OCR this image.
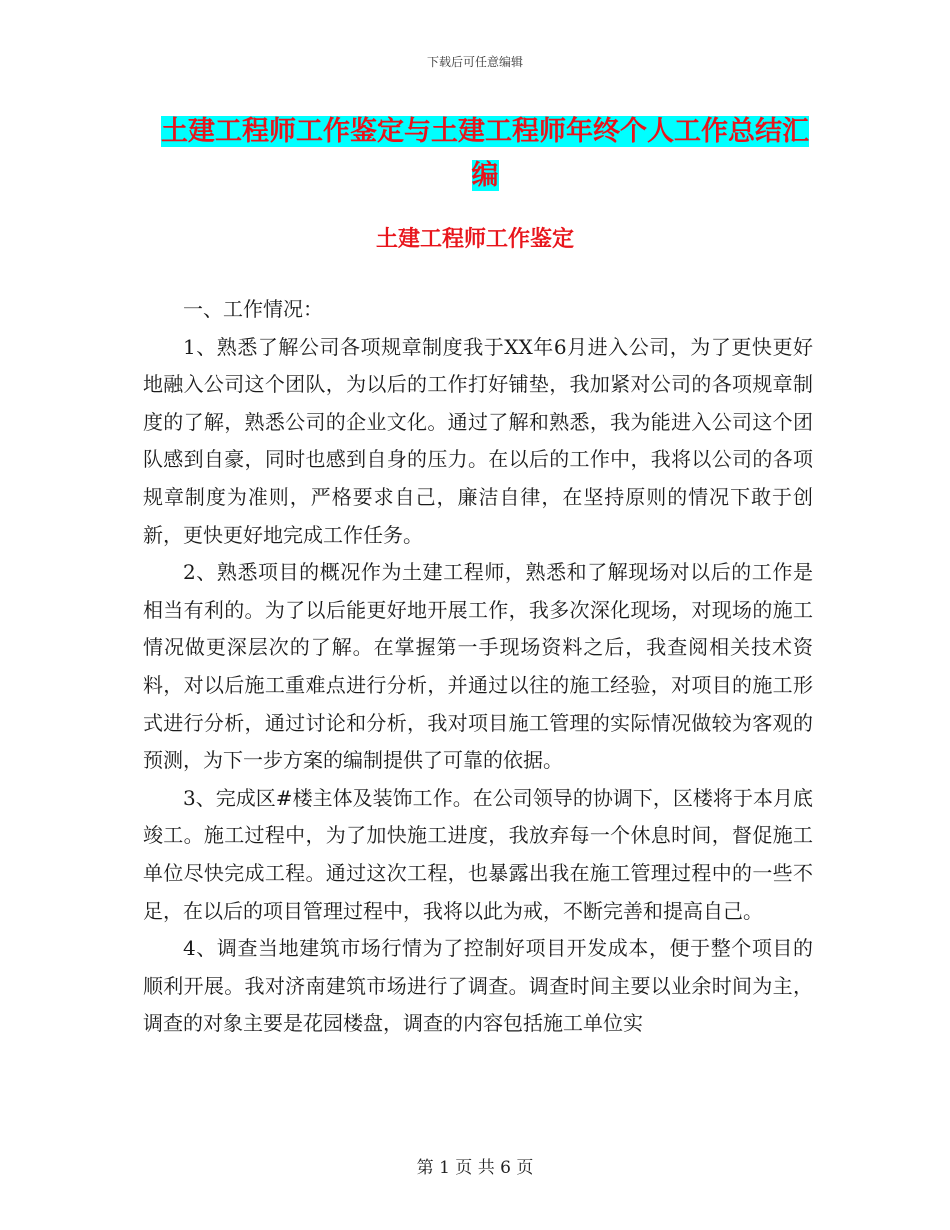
下载后可任意编辑
土建工程师工作鉴定与土建工程师年终个人工作总结汇编
土建工程师工作鉴定

一、工作情况：

1、熟悉了解公司各项规章制度我于XX年6月进入公司，为了更快更好地融入公司这个团队，为以后的工作打好铺垫，我加紧对公司的各项规章制度的了解，熟悉公司的企业文化。通过了解和熟悉，我为能进入公司这个团队感到自豪，同时也感到自身的压力。在以后的工作中，我将以公司的各项规章制度为准则，严格要求自己，廉洁自律，在坚持原则的情况下敢于创新，更快更好地完成工作任务。

2、熟悉项目的概况作为土建工程师，熟悉和了解现场对以后的工作是相当有利的。为了以后能更好地开展工作，我多次深化现场，对现场的施工情况做更深层次的了解。在掌握第一手现场资料之后，我查阅相关技术资料，对以后施工重难点进行分析，并通过以往的施工经验，对项目的施工形式进行分析，通过讨论和分析，我对项目施工管理的实际情况做较为客观的预测，为下一步方案的编制提供了可靠的依据。

3、完成区#楼主体及装饰工作。在公司领导的协调下，区楼将于本月底竣工。施工过程中，为了加快施工进度，我放弃每一个休息时间，督促施工单位尽快完成工程。通过这次工程，也暴露出我在施工管理过程中的一些不足，在以后的项目管理过程中，我将以此为戒，不断完善和提高自己。

4、调查当地建筑市场行情为了控制好项目开发成本，便于整个项目的顺利开展。我对济南建筑市场进行了调查。调查时间主要以业余时间为主，调查的对象主要是花园楼盘，调查的内容包括施工单位实

第 1 页 共 6 页
